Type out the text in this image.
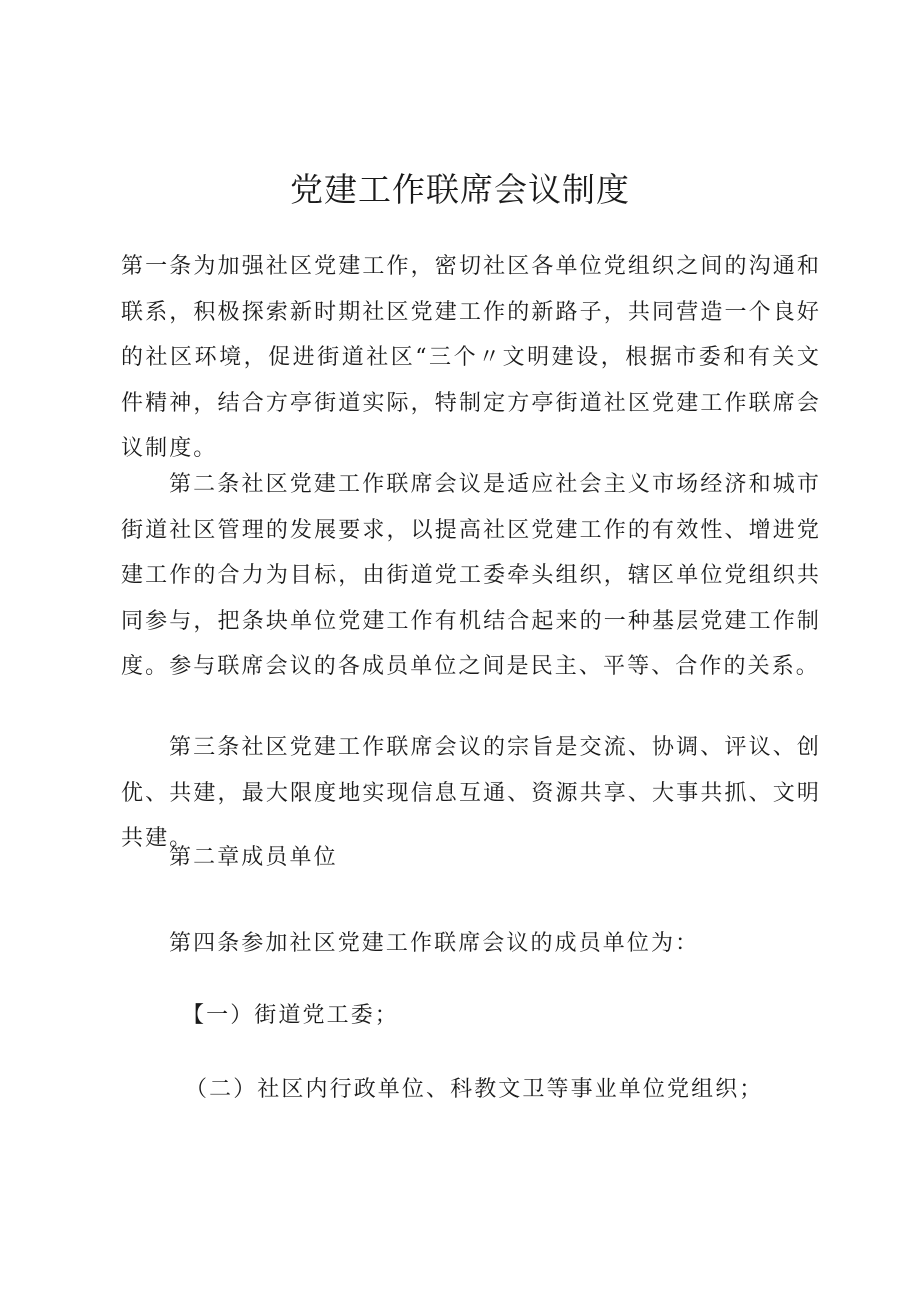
党建工作联席会议制度

第一条为加强社区党建工作，密切社区各单位党组织之间的沟通和联系，积极探索新时期社区党建工作的新路子，共同营造一个良好的社区环境，促进街道社区“三个〃文明建设，根据市委和有关文件精神，结合方亭街道实际，特制定方亭街道社区党建工作联席会议制度。

第二条社区党建工作联席会议是适应社会主义市场经济和城市街道社区管理的发展要求，以提高社区党建工作的有效性、增进党建工作的合力为目标，由街道党工委牵头组织，辖区单位党组织共同参与，把条块单位党建工作有机结合起来的一种基层党建工作制度。参与联席会议的各成员单位之间是民主、平等、合作的关系。

第三条社区党建工作联席会议的宗旨是交流、协调、评议、创优、共建，最大限度地实现信息互通、资源共享、大事共抓、文明共建。

第二章成员单位

第四条参加社区党建工作联席会议的成员单位为：

【一）街道党工委；

（二）社区内行政单位、科教文卫等事业单位党组织；
